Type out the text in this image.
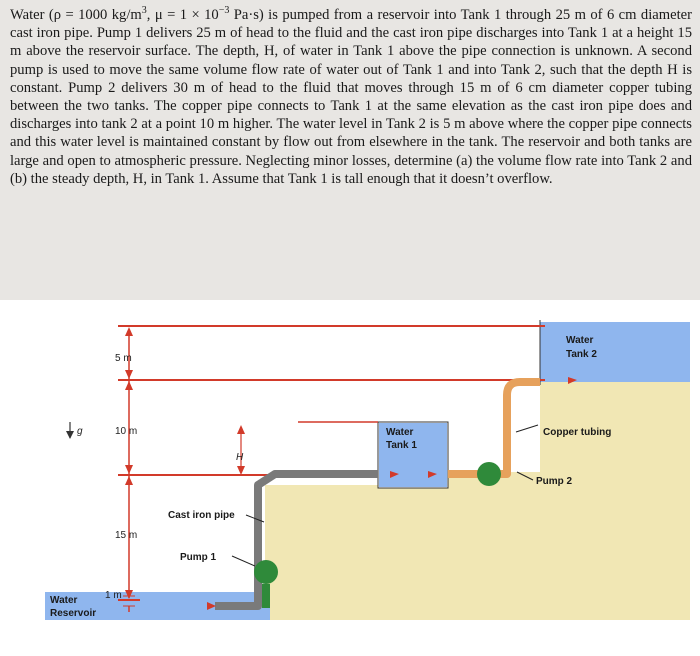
Water (ρ = 1000 $kg/m^3$, $\mu = 1 \times 10^{-3}$ Pa·s) is pumped from a reservoir into Tank 1 through 25 m of 6 cm diameter cast iron pipe. Pump 1 delivers 25 m of head to the fluid and the cast iron pipe discharges into Tank 1 at a height 15 m above the reservoir surface. The depth, H, of water in Tank 1 above the pipe connection is unknown. A second pump is used to move the same volume flow rate of water out of Tank 1 and into Tank 2, such that the depth H is constant. Pump 2 delivers 30 m of head to the fluid that moves through 15 m of 6 cm diameter copper tubing between the two tanks. The copper pipe connects to Tank 1 at the same elevation as the cast iron pipe does and discharges into tank 2 at a point 10 m higher. The water level in Tank 2 is 5 m above where the copper pipe connects and this water level is maintained constant by flow out from elsewhere in the tank. The reservoir and both tanks are large and open to atmospheric pressure. Neglecting minor losses, determine (a) the volume flow rate into Tank 2 and (b) the steady depth, H, in Tank 1. Assume that Tank 1 is tall enough that it doesn’t overflow.

g
5 m
10 m
15 m
1 m
H
Water
Reservoir
Water
Tank 1
Water
Tank 2
Cast iron pipe
Pump 1
Copper tubing
Pump 2
